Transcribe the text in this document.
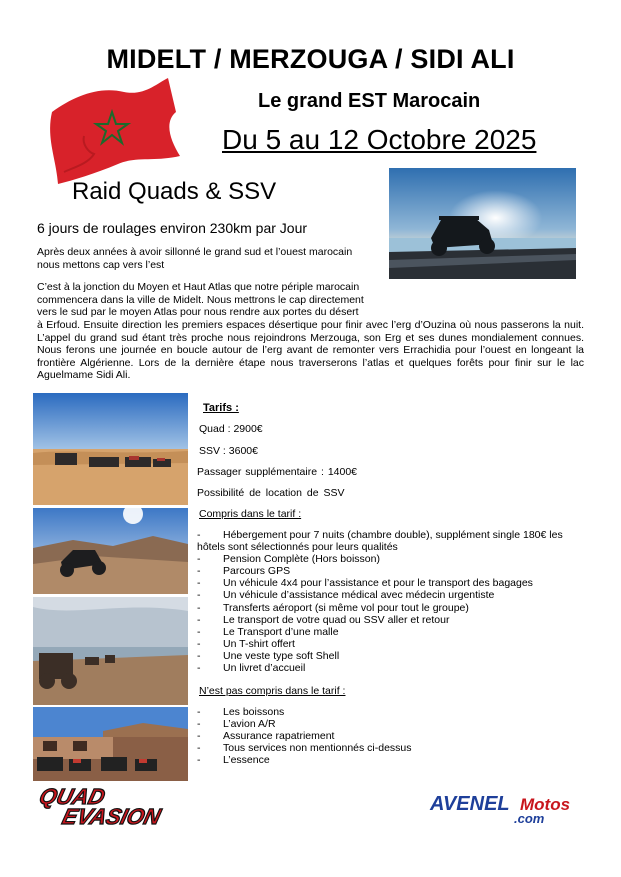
MIDELT / MERZOUGA / SIDI ALI
Le grand EST Marocain
Du 5 au 12 Octobre 2025
Raid Quads & SSV
6 jours de roulages environ 230km par Jour
Après deux années à avoir sillonné le grand sud et l’ouest marocain nous mettons cap vers l’est
C’est à la jonction du Moyen et Haut Atlas que notre périple marocain commencera dans la ville de Midelt. Nous mettrons le cap directement vers le sud par le moyen Atlas pour nous rendre aux portes du désert
à Erfoud. Ensuite direction les premiers espaces désertique pour finir avec l’erg d’Ouzina où nous passerons la nuit. L’appel du grand sud étant très proche nous rejoindrons Merzouga, son Erg et ses dunes mondialement connues. Nous ferons une journée en boucle autour de l’erg avant de remonter vers Errachidia pour l’ouest en longeant la frontière Algérienne. Lors de la dernière étape nous traverserons l’atlas et quelques forêts pour finir sur le lac Aguelmame Sidi Ali.
Tarifs :
Quad : 2900€
SSV : 3600€
Passager supplémentaire : 1400€
Possibilité de location de SSV
Compris dans le tarif :
- Hébergement pour 7 nuits (chambre double), supplément single 180€ les hôtels sont sélectionnés pour leurs qualités
-	Pension Complète (Hors boisson)
-	Parcours GPS
-	Un véhicule 4x4 pour l’assistance et pour le transport des bagages
-	Un véhicule d’assistance médical avec médecin urgentiste
-	Transferts aéroport (si même vol pour tout le groupe)
-	Le transport de votre quad ou SSV aller et retour
-	Le Transport d’une malle
-	Un T-shirt offert
-	Une veste type soft Shell
-	Un livret d’accueil
N’est pas compris dans le tarif :
-	Les boissons
-	L’avion A/R
-	Assurance rapatriement
-	Tous services non mentionnés ci-dessus
-	L’essence
QUAD
EVASION
AVENEL Motos
.com
